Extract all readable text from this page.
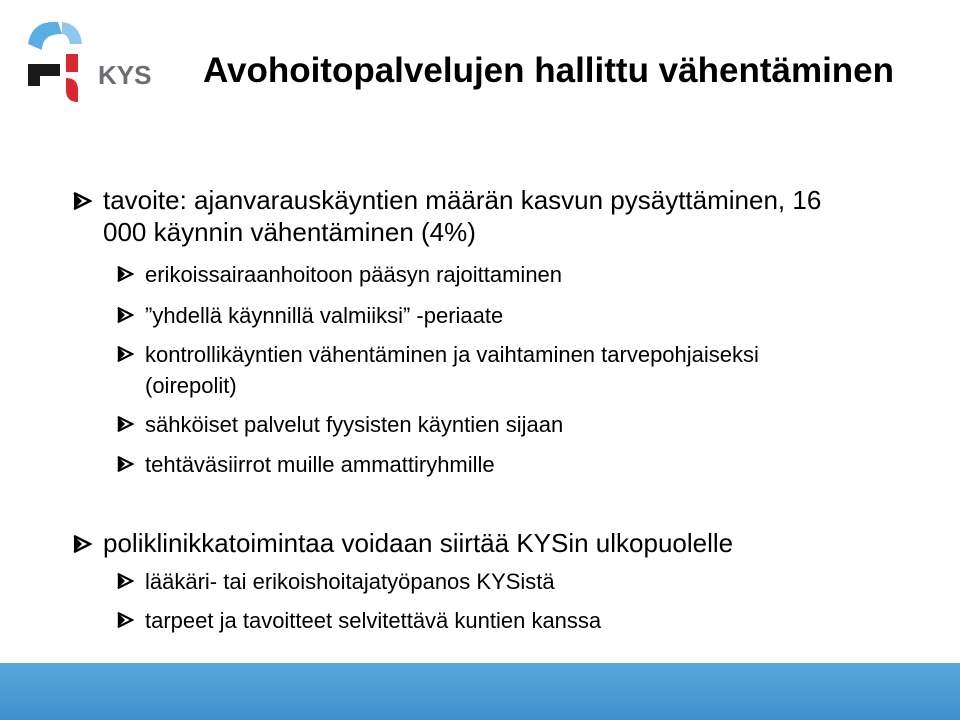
KYS Avohoitopalvelujen hallittu vähentäminen
tavoite: ajanvarauskäyntien määrän kasvun pysäyttäminen, 16 000 käynnin vähentäminen (4%)
erikoissairaanhoitoon pääsyn rajoittaminen
”yhdellä käynnillä valmiiksi” -periaate
kontrollikäyntien vähentäminen ja vaihtaminen tarvepohjaiseksi (oirepolit)
sähköiset palvelut fyysisten käyntien sijaan
tehtäväsiirrot muille ammattiryhmille
poliklinikkatoimintaa voidaan siirtää KYSin ulkopuolelle
lääkäri- tai erikoishoitajatyöpanos KYSistä
tarpeet ja tavoitteet selvitettävä kuntien kanssa
